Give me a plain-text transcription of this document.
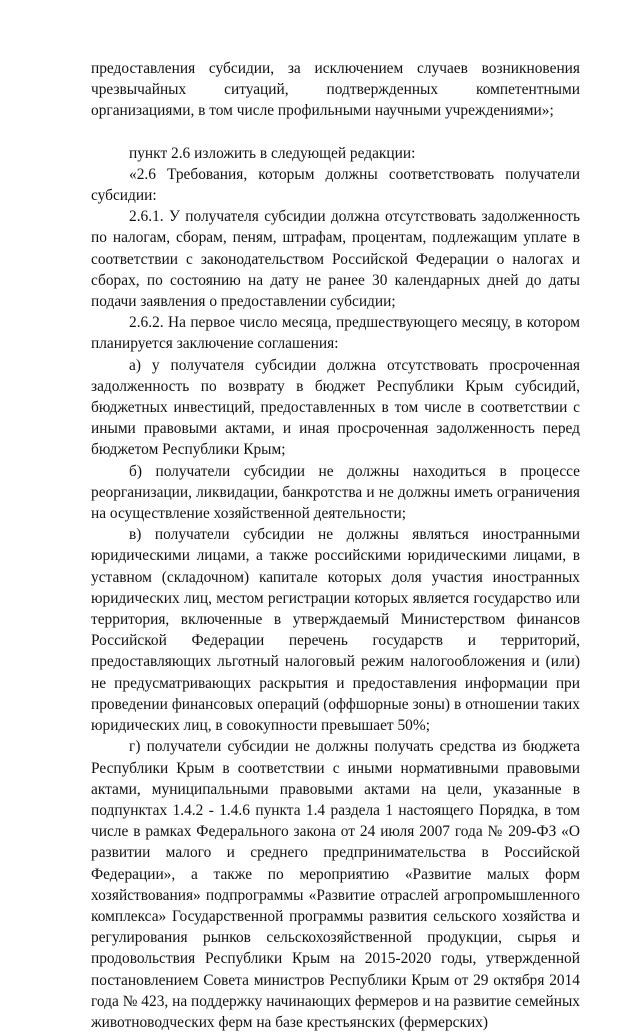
предоставления субсидии, за исключением случаев возникновения чрезвычайных ситуаций, подтвержденных компетентными организациями, в том числе профильными научными учреждениями»;

пункт 2.6 изложить в следующей редакции:

«2.6 Требования, которым должны соответствовать получатели субсидии:

2.6.1. У получателя субсидии должна отсутствовать задолженность по налогам, сборам, пеням, штрафам, процентам, подлежащим уплате в соответствии с законодательством Российской Федерации о налогах и сборах, по состоянию на дату не ранее 30 календарных дней до даты подачи заявления о предоставлении субсидии;

2.6.2. На первое число месяца, предшествующего месяцу, в котором планируется заключение соглашения:

а) у получателя субсидии должна отсутствовать просроченная задолженность по возврату в бюджет Республики Крым субсидий, бюджетных инвестиций, предоставленных в том числе в соответствии с иными правовыми актами, и иная просроченная задолженность перед бюджетом Республики Крым;

б) получатели субсидии не должны находиться в процессе реорганизации, ликвидации, банкротства и не должны иметь ограничения на осуществление хозяйственной деятельности;

в) получатели субсидии не должны являться иностранными юридическими лицами, а также российскими юридическими лицами, в уставном (складочном) капитале которых доля участия иностранных юридических лиц, местом регистрации которых является государство или территория, включенные в утверждаемый Министерством финансов Российской Федерации перечень государств и территорий, предоставляющих льготный налоговый режим налогообложения и (или) не предусматривающих раскрытия и предоставления информации при проведении финансовых операций (оффшорные зоны) в отношении таких юридических лиц, в совокупности превышает 50%;

г) получатели субсидии не должны получать средства из бюджета Республики Крым в соответствии с иными нормативными правовыми актами, муниципальными правовыми актами на цели, указанные в подпунктах 1.4.2 - 1.4.6 пункта 1.4 раздела 1 настоящего Порядка, в том числе в рамках Федерального закона от 24 июля 2007 года № 209-ФЗ «О развитии малого и среднего предпринимательства в Российской Федерации», а также по мероприятию «Развитие малых форм хозяйствования» подпрограммы «Развитие отраслей агропромышленного комплекса» Государственной программы развития сельского хозяйства и регулирования рынков сельскохозяйственной продукции, сырья и продовольствия Республики Крым на 2015-2020 годы, утвержденной постановлением Совета министров Республики Крым от 29 октября 2014 года № 423, на поддержку начинающих фермеров и на развитие семейных животноводческих ферм на базе крестьянских (фермерских)
